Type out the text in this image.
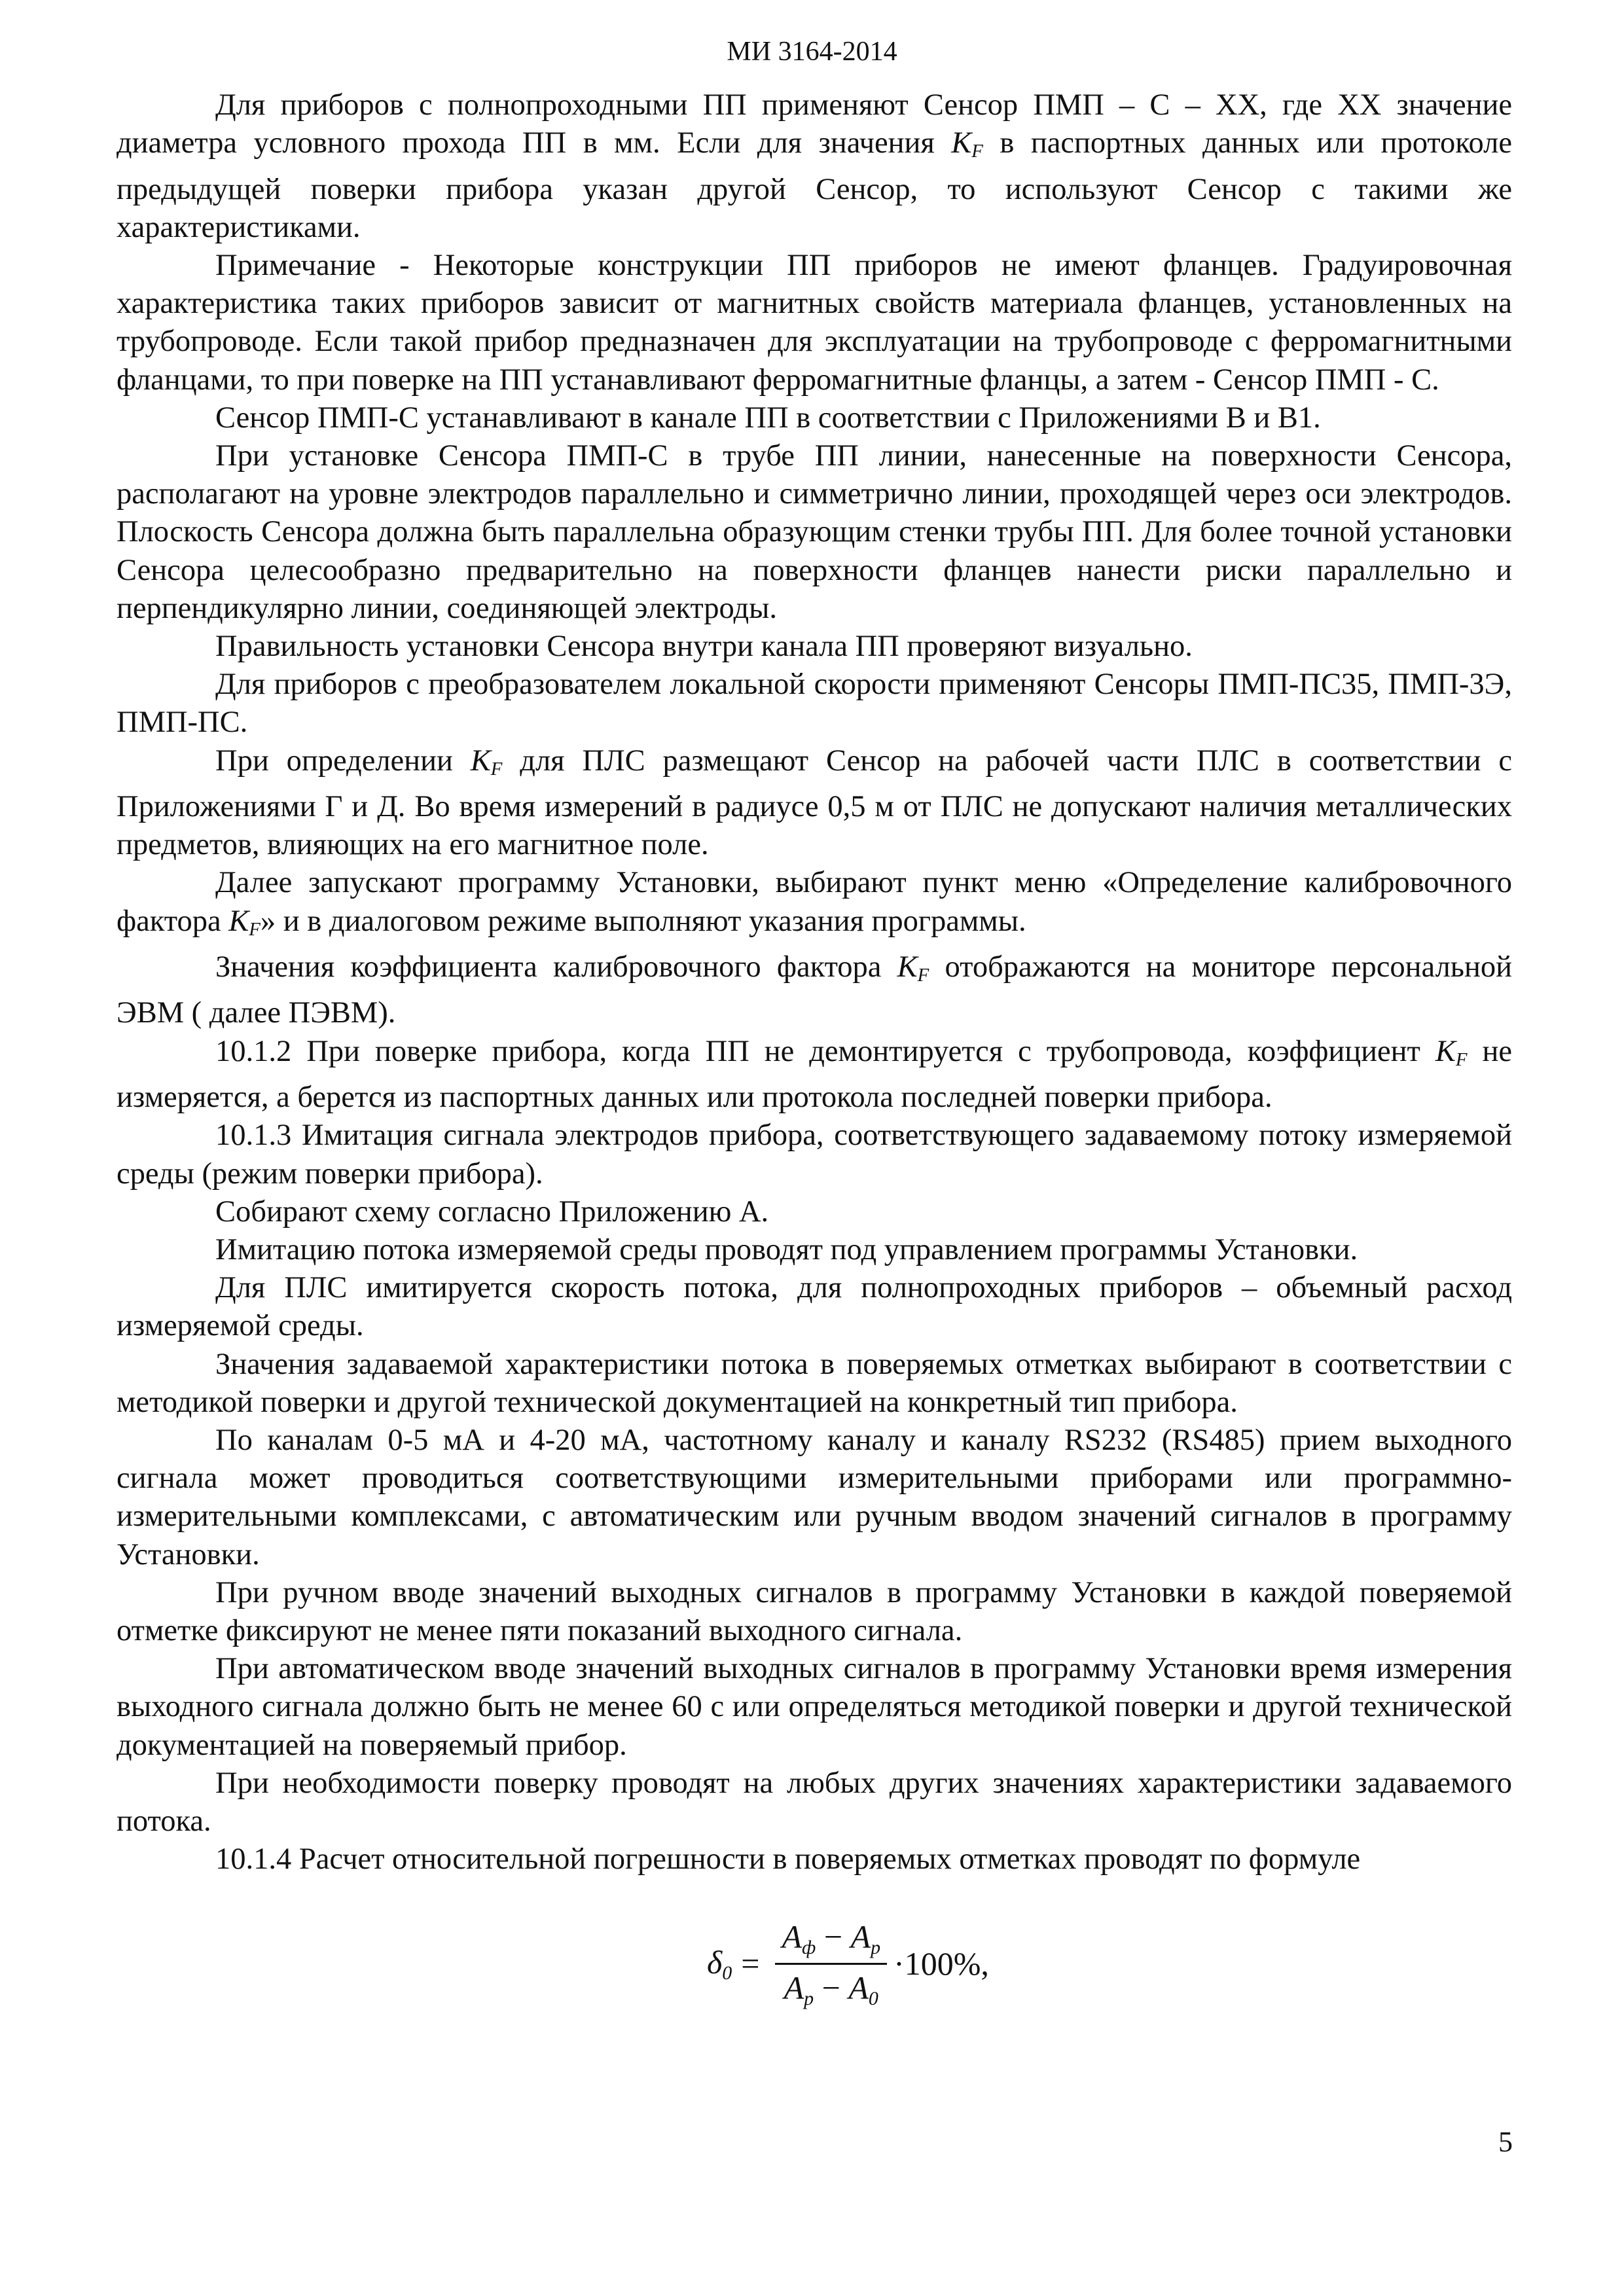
МИ 3164-2014

Для приборов с полнопроходными ПП применяют Сенсор ПМП – С – XX, где XX значение диаметра условного прохода ПП в мм. Если для значения $K_F$ в паспортных данных или протоколе предыдущей поверки прибора указан другой Сенсор, то используют Сенсор с такими же характеристиками.

Примечание - Некоторые конструкции ПП приборов не имеют фланцев. Градуировочная характеристика таких приборов зависит от магнитных свойств материала фланцев, установленных на трубопроводе. Если такой прибор предназначен для эксплуатации на трубопроводе с ферромагнитными фланцами, то при поверке на ПП устанавливают ферромагнитные фланцы, а затем - Сенсор ПМП - С.

Сенсор ПМП-С устанавливают в канале ПП в соответствии с Приложениями В и В1.

При установке Сенсора ПМП-С в трубе ПП линии, нанесенные на поверхности Сенсора, располагают на уровне электродов параллельно и симметрично линии, проходящей через оси электродов. Плоскость Сенсора должна быть параллельна образующим стенки трубы ПП. Для более точной установки Сенсора целесообразно предварительно на поверхности фланцев нанести риски параллельно и перпендикулярно линии, соединяющей электроды.

Правильность установки Сенсора внутри канала ПП проверяют визуально.

Для приборов с преобразователем локальной скорости применяют Сенсоры ПМП-ПС35, ПМП-3Э, ПМП-ПС.

При определении $K_F$ для ПЛС размещают Сенсор на рабочей части ПЛС в соответствии с Приложениями Г и Д. Во время измерений в радиусе 0,5 м от ПЛС не допускают наличия металлических предметов, влияющих на его магнитное поле.

Далее запускают программу Установки, выбирают пункт меню «Определение калибровочного фактора $K_F$» и в диалоговом режиме выполняют указания программы.

Значения коэффициента калибровочного фактора $K_F$ отображаются на мониторе персональной ЭВМ ( далее ПЭВМ).

10.1.2 При поверке прибора, когда ПП не демонтируется с трубопровода, коэффициент $K_F$ не измеряется, а берется из паспортных данных или протокола последней поверки прибора.

10.1.3 Имитация сигнала электродов прибора, соответствующего задаваемому потоку измеряемой среды (режим поверки прибора).

Собирают схему согласно Приложению А.

Имитацию потока измеряемой среды проводят под управлением программы Установки.

Для ПЛС имитируется скорость потока, для полнопроходных приборов – объемный расход измеряемой среды.

Значения задаваемой характеристики потока в поверяемых отметках выбирают в соответствии с методикой поверки и другой технической документацией на конкретный тип прибора.

По каналам 0-5 мА и 4-20 мА, частотному каналу и каналу RS232 (RS485) прием выходного сигнала может проводиться соответствующими измерительными приборами или программно-измерительными комплексами, с автоматическим или ручным вводом значений сигналов в программу Установки.

При ручном вводе значений выходных сигналов в программу Установки в каждой поверяемой отметке фиксируют не менее пяти показаний выходного сигнала.

При автоматическом вводе значений выходных сигналов в программу Установки время измерения выходного сигнала должно быть не менее 60 с или определяться методикой поверки и другой технической документацией на поверяемый прибор.

При необходимости поверку проводят на любых других значениях характеристики задаваемого потока.

10.1.4 Расчет относительной погрешности в поверяемых отметках проводят по формуле

$\delta_0 = \frac{A_ф - A_p}{A_p - A_0} \cdot 100\%$ ,
5
